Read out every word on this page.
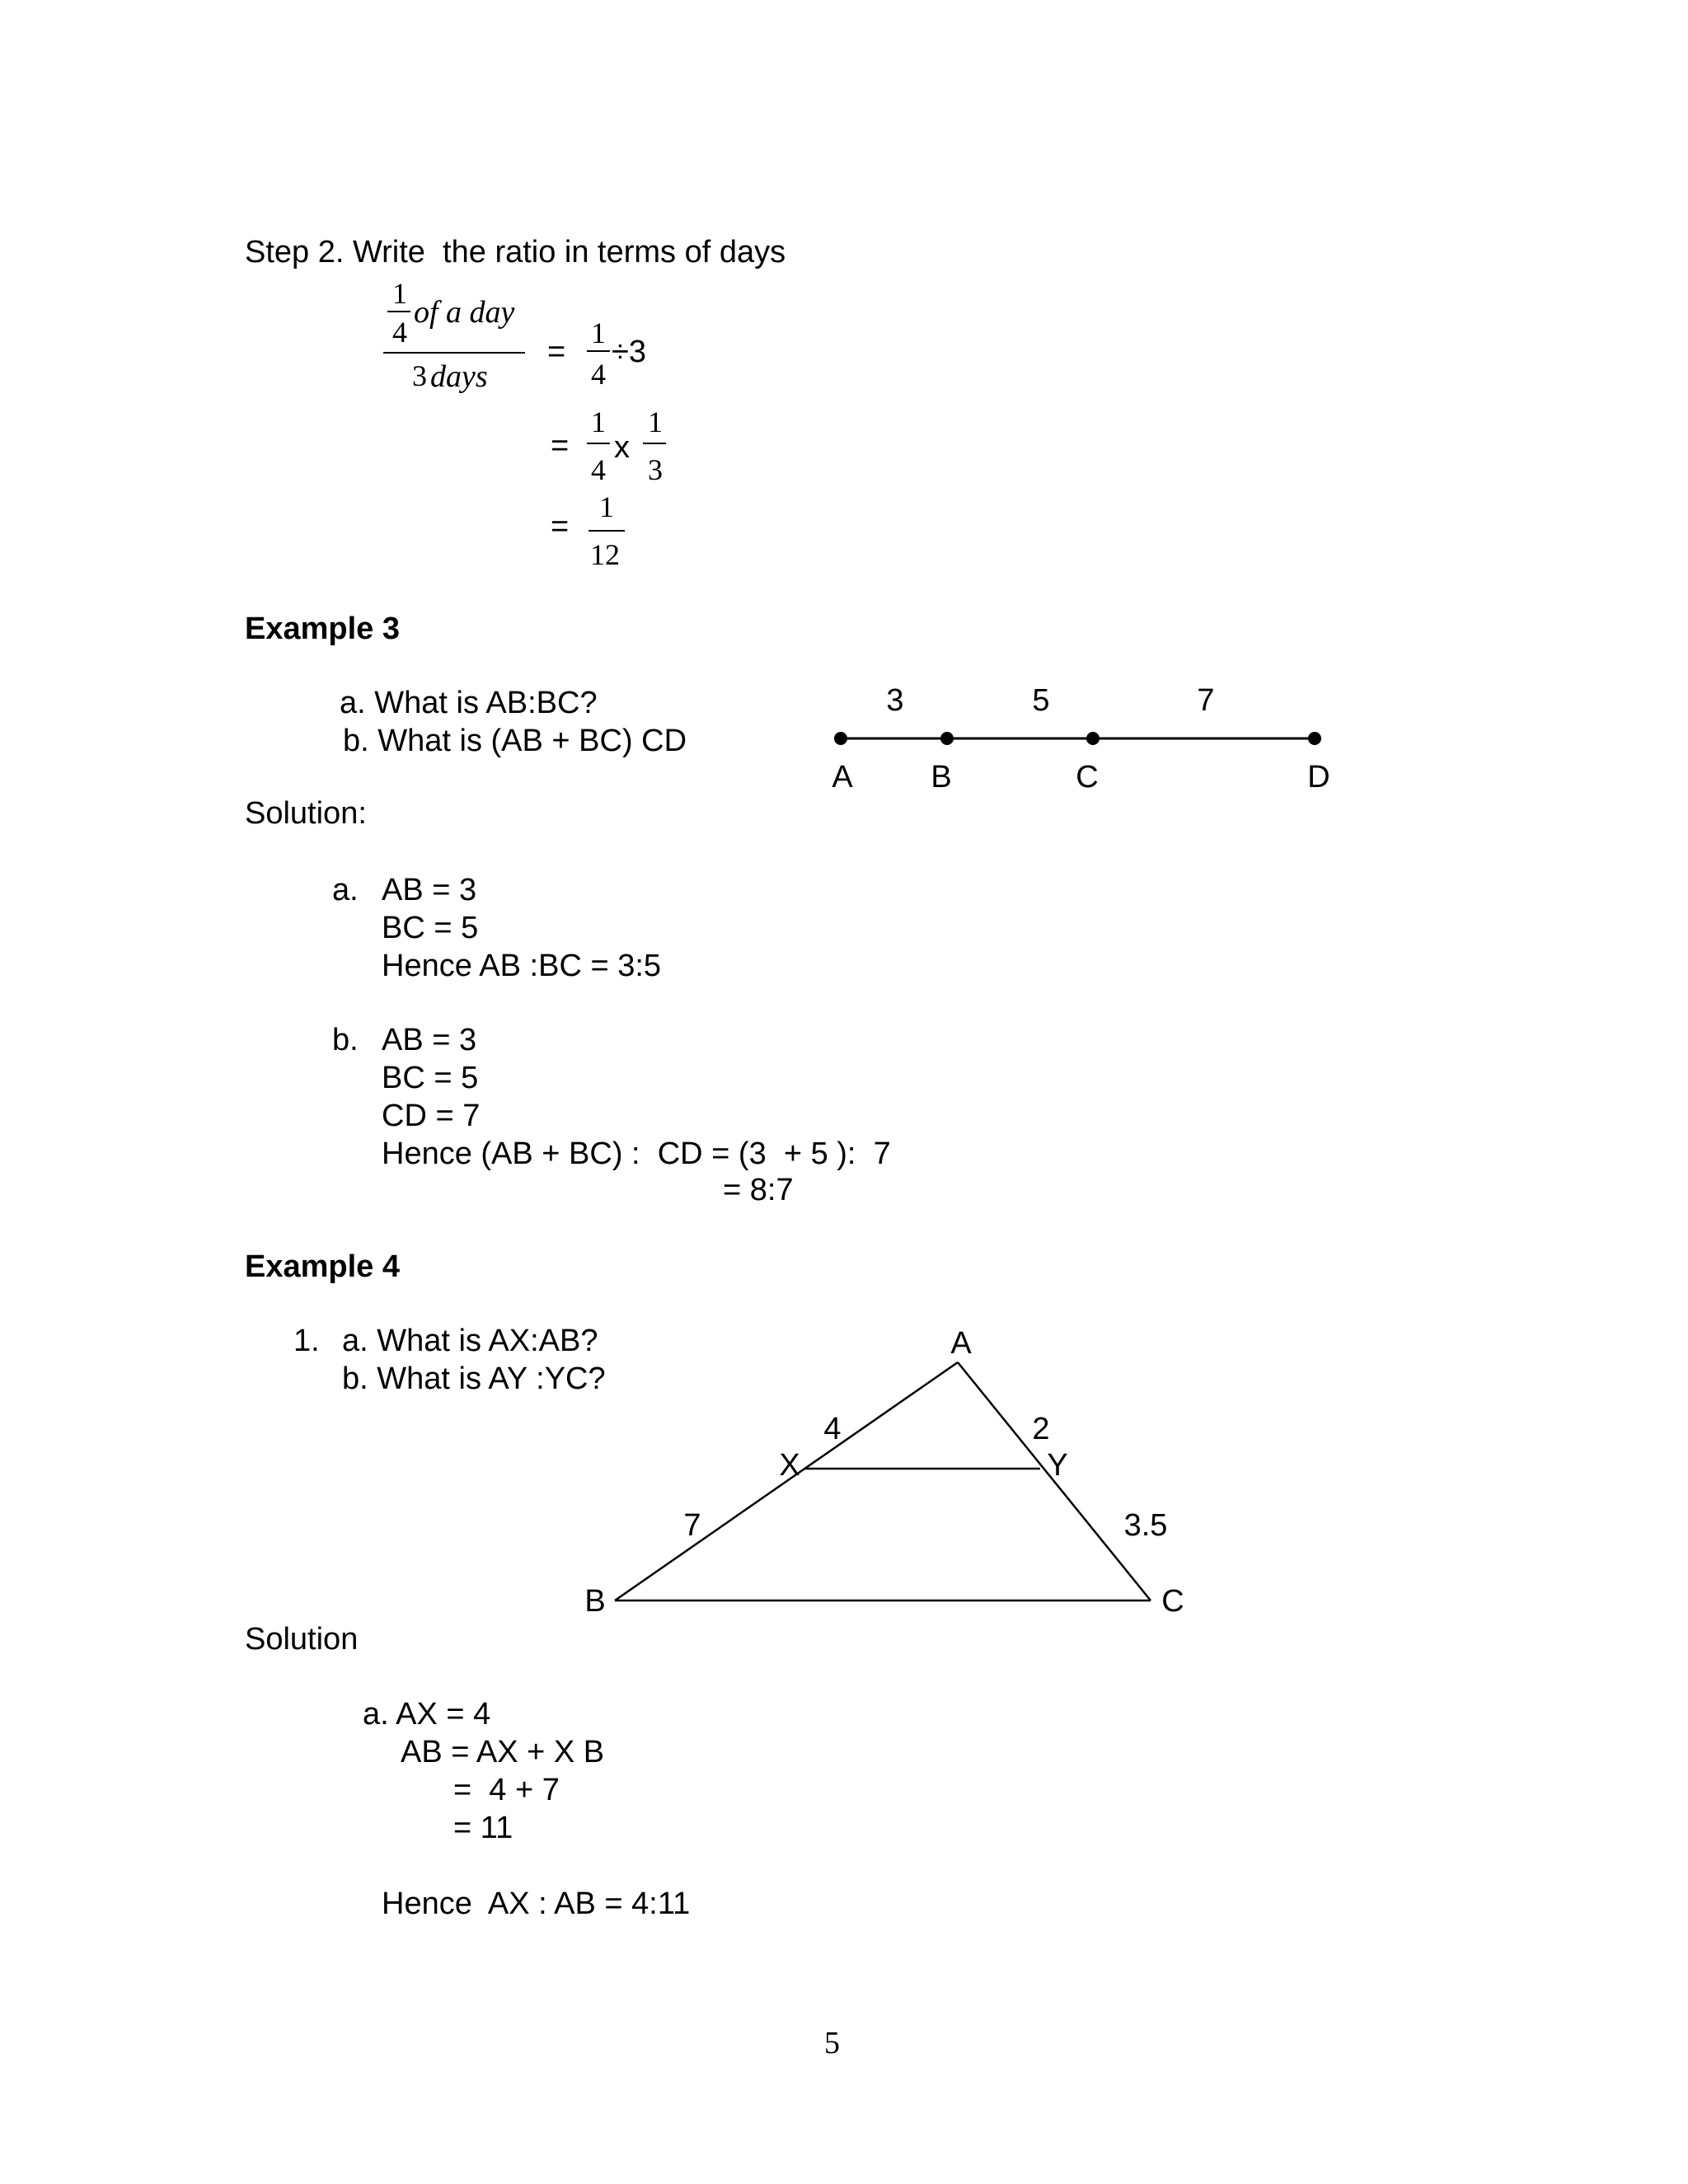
Step 2. Write  the ratio in terms of days
1
4
of a day
3 days
=
1
4
÷3
=
1
4
x
1
3
=
1
12
Example 3
a. What is AB:BC?
b. What is (AB + BC) CD
3	5	7
A B	C	D
Solution:
a. AB = 3
BC = 5
Hence AB :BC = 3:5
b. AB = 3
BC = 5
CD = 7
Hence (AB + BC) :  CD = (3  + 5 ):  7
= 8:7
Example 4
1. a. What is AX:AB?
b. What is AY :YC?
A
B	C
X	Y
4	2
7	3.5
Solution
a. AX = 4
AB = AX + X B
=  4 + 7
= 11
Hence  AX : AB = 4:11
5
